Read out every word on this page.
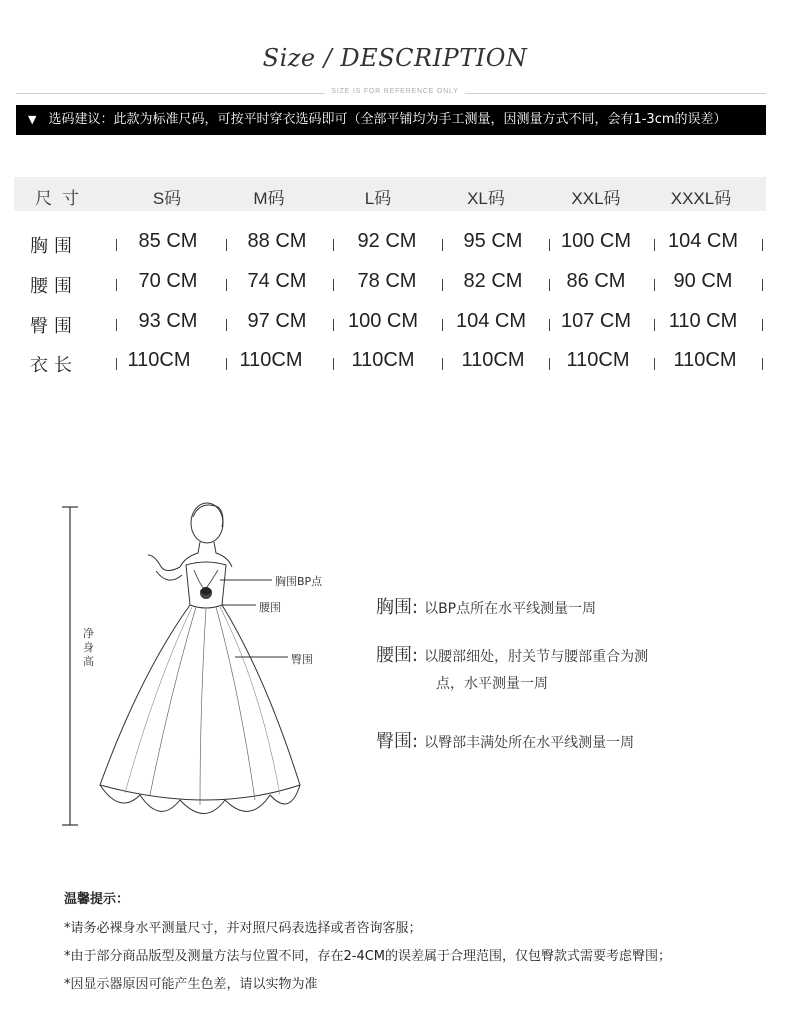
Size / DESCRIPTION
SIZE IS FOR REFERENCE ONLY
▼ 选码建议：此款为标准尺码，可按平时穿衣选码即可（全部平铺均为手工测量，因测量方式不同，会有1-3cm的误差）
尺寸	S码	M码	L码	XL码	XXL码	XXXL码
胸围	85 CM	88 CM	92 CM	95 CM	100 CM	104 CM
腰围	70 CM	74 CM	78 CM	82 CM	86 CM	90 CM
臀围	93 CM	97 CM	100 CM	104 CM	107 CM	110 CM
衣长	110CM	110CM	110CM	110CM	110CM	110CM
净身高
胸围BP点
腰围
臀围
胸围: 以BP点所在水平线测量一周
腰围: 以腰部细处，肘关节与腰部重合为测
点，水平测量一周
臀围: 以臀部丰满处所在水平线测量一周
温馨提示：
*请务必裸身水平测量尺寸，并对照尺码表选择或者咨询客服；
*由于部分商品版型及测量方法与位置不同，存在2-4CM的误差属于合理范围，仅包臀款式需要考虑臀围；
*因显示器原因可能产生色差，请以实物为准
